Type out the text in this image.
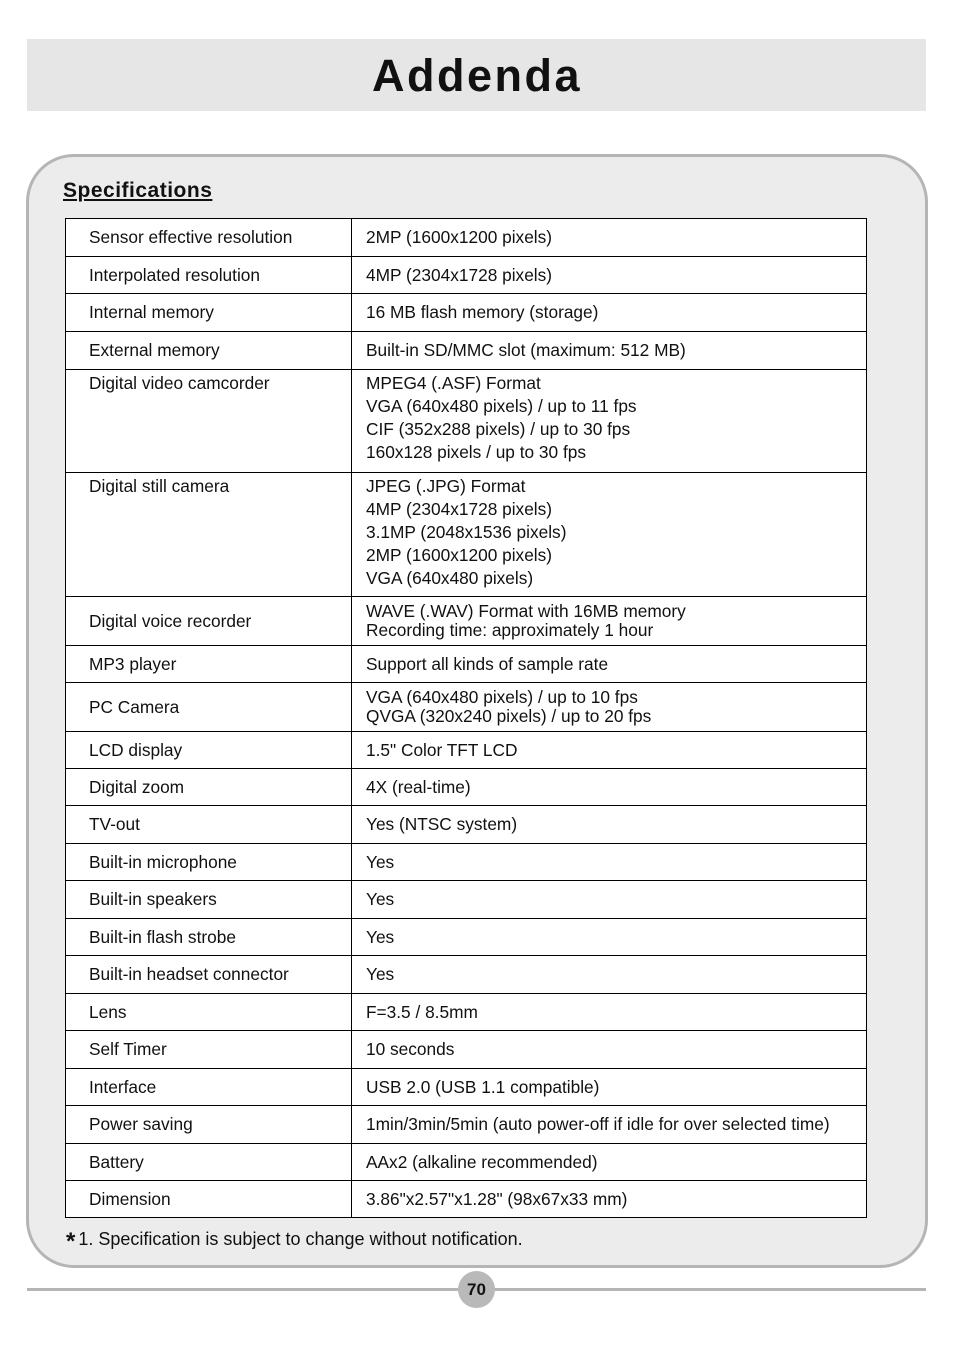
Addenda
Specifications
Sensor effective resolution	2MP (1600x1200 pixels)

Interpolated resolution	4MP (2304x1728 pixels)

Internal memory	16 MB flash memory (storage)

External memory	Built-in SD/MMC slot (maximum: 512 MB)

Digital video camcorder	MPEG4 (.ASF) Format
VGA (640x480 pixels) / up to 11 fps
CIF (352x288 pixels) / up to 30 fps
160x128 pixels / up to 30 fps

Digital still camera	JPEG (.JPG) Format
4MP (2304x1728 pixels)
3.1MP (2048x1536 pixels)
2MP (1600x1200 pixels)
VGA (640x480 pixels)

Digital voice recorder	WAVE (.WAV) Format with 16MB memory
Recording time: approximately 1 hour

MP3 player	Support all kinds of sample rate

PC Camera	VGA (640x480 pixels) / up to 10 fps
QVGA (320x240 pixels) / up to 20 fps

LCD display	1.5" Color TFT LCD

Digital zoom	4X (real-time)

TV-out	Yes (NTSC system)

Built-in microphone	Yes

Built-in speakers	Yes

Built-in flash strobe	Yes

Built-in headset connector	Yes

Lens	F=3.5 / 8.5mm

Self Timer	10 seconds

Interface	USB 2.0 (USB 1.1 compatible)

Power saving	1min/3min/5min (auto power-off if idle for over selected time)

Battery	AAx2 (alkaline recommended)

Dimension	3.86"x2.57"x1.28" (98x67x33 mm)
* 1. Specification is subject to change without notification.
70
